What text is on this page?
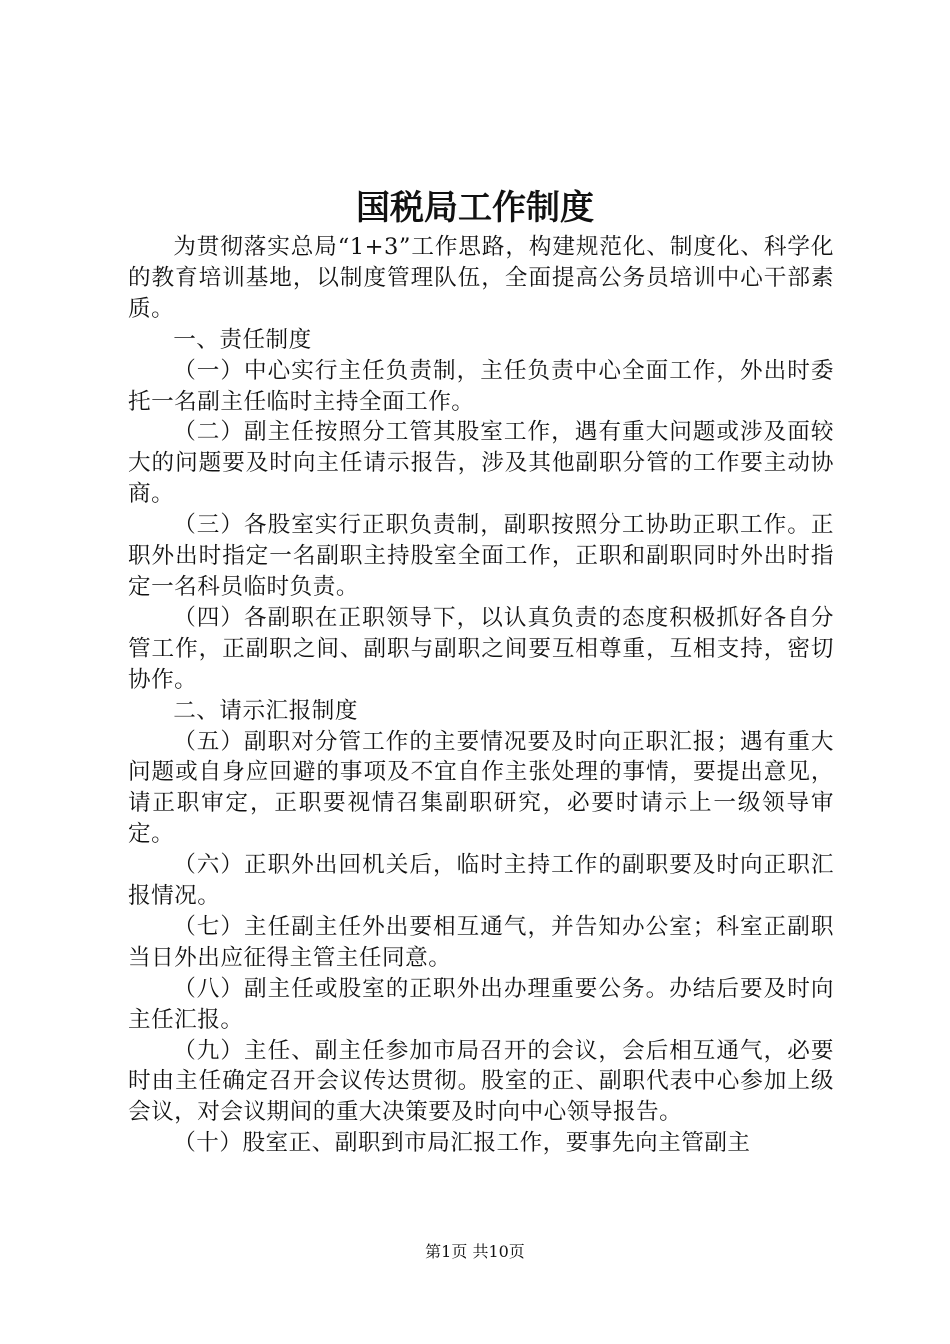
国税局工作制度

为贯彻落实总局“1+3”工作思路，构建规范化、制度化、科学化的教育培训基地，以制度管理队伍，全面提高公务员培训中心干部素质。

一、责任制度

（一）中心实行主任负责制，主任负责中心全面工作，外出时委托一名副主任临时主持全面工作。

（二）副主任按照分工管其股室工作，遇有重大问题或涉及面较大的问题要及时向主任请示报告，涉及其他副职分管的工作要主动协商。

（三）各股室实行正职负责制，副职按照分工协助正职工作。正职外出时指定一名副职主持股室全面工作，正职和副职同时外出时指定一名科员临时负责。

（四）各副职在正职领导下，以认真负责的态度积极抓好各自分管工作，正副职之间、副职与副职之间要互相尊重，互相支持，密切协作。

二、请示汇报制度

（五）副职对分管工作的主要情况要及时向正职汇报；遇有重大问题或自身应回避的事项及不宜自作主张处理的事情，要提出意见，请正职审定，正职要视情召集副职研究，必要时请示上一级领导审定。

（六）正职外出回机关后，临时主持工作的副职要及时向正职汇报情况。

（七）主任副主任外出要相互通气，并告知办公室；科室正副职当日外出应征得主管主任同意。

（八）副主任或股室的正职外出办理重要公务。办结后要及时向主任汇报。

（九）主任、副主任参加市局召开的会议，会后相互通气，必要时由主任确定召开会议传达贯彻。股室的正、副职代表中心参加上级会议，对会议期间的重大决策要及时向中心领导报告。

（十）股室正、副职到市局汇报工作，要事先向主管副主

第1页 共10页
